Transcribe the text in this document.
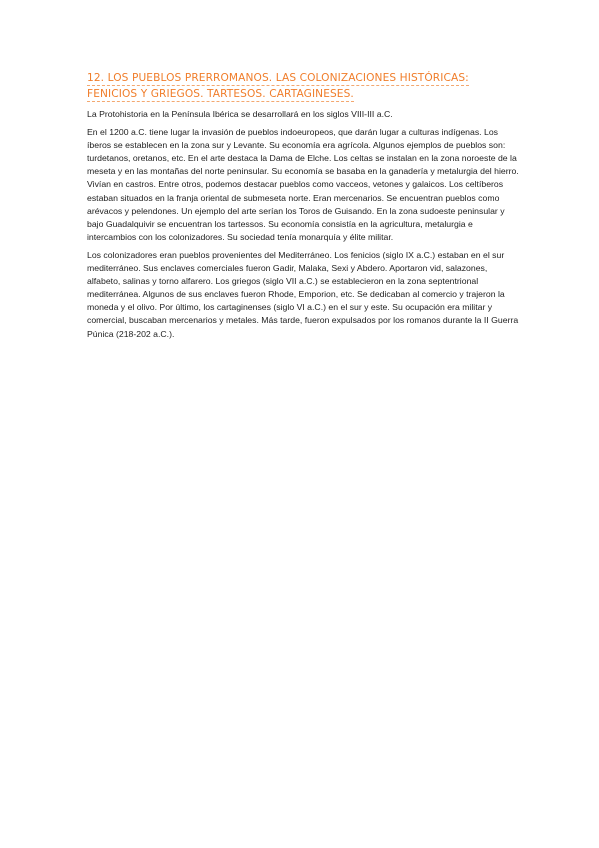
12. LOS PUEBLOS PRERROMANOS. LAS COLONIZACIONES HISTÓRICAS:
FENICIOS Y GRIEGOS. TARTESOS. CARTAGINESES.

La Protohistoria en la Península Ibérica se desarrollará en los siglos VIII-III a.C.

En el 1200 a.C. tiene lugar la invasión de pueblos indoeuropeos, que darán lugar a culturas indígenas. Los íberos se establecen en la zona sur y Levante. Su economía era agrícola. Algunos ejemplos de pueblos son: turdetanos, oretanos, etc. En el arte destaca la Dama de Elche. Los celtas se instalan en la zona noroeste de la meseta y en las montañas del norte peninsular. Su economía se basaba en la ganadería y metalurgia del hierro. Vivían en castros. Entre otros, podemos destacar pueblos como vacceos, vetones y galaicos. Los celtíberos estaban situados en la franja oriental de submeseta norte. Eran mercenarios. Se encuentran pueblos como arévacos y pelendones. Un ejemplo del arte serían los Toros de Guisando. En la zona sudoeste peninsular y bajo Guadalquivir se encuentran los tartessos. Su economía consistía en la agricultura, metalurgia e intercambios con los colonizadores. Su sociedad tenía monarquía y élite militar.

Los colonizadores eran pueblos provenientes del Mediterráneo. Los fenicios (siglo IX a.C.) estaban en el sur mediterráneo. Sus enclaves comerciales fueron Gadir, Malaka, Sexi y Abdero. Aportaron vid, salazones, alfabeto, salinas y torno alfarero. Los griegos (siglo VII a.C.) se establecieron en la zona septentrional mediterránea. Algunos de sus enclaves fueron Rhode, Emporion, etc. Se dedicaban al comercio y trajeron la moneda y el olivo. Por último, los cartaginenses (siglo VI a.C.) en el sur y este. Su ocupación era militar y comercial, buscaban mercenarios y metales. Más tarde, fueron expulsados por los romanos durante la II Guerra Púnica (218-202 a.C.).
